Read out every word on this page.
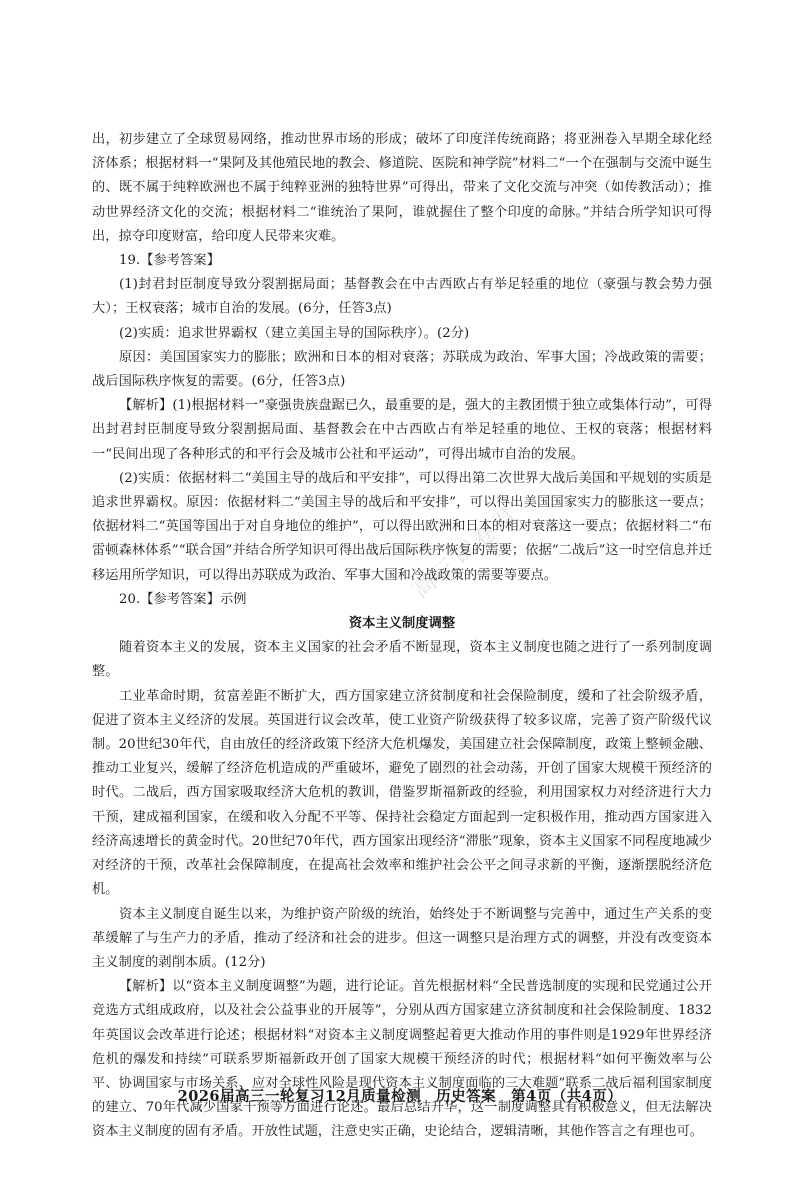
高三试卷君

出，初步建立了全球贸易网络，推动世界市场的形成；破坏了印度洋传统商路；将亚洲卷入早期全球化经济体系；根据材料一“果阿及其他殖民地的教会、修道院、医院和神学院”材料二“一个在强制与交流中诞生的、既不属于纯粹欧洲也不属于纯粹亚洲的独特世界”可得出，带来了文化交流与冲突（如传教活动）；推动世界经济文化的交流；根据材料二“谁统治了果阿，谁就握住了整个印度的命脉。”并结合所学知识可得出，掠夺印度财富，给印度人民带来灾难。

19.【参考答案】

(1)封君封臣制度导致分裂割据局面；基督教会在中古西欧占有举足轻重的地位（豪强与教会势力强大）；王权衰落；城市自治的发展。(6分，任答3点)

(2)实质：追求世界霸权（建立美国主导的国际秩序）。(2分)

原因：美国国家实力的膨胀；欧洲和日本的相对衰落；苏联成为政治、军事大国；冷战政策的需要；战后国际秩序恢复的需要。(6分，任答3点)

【解析】(1)根据材料一“豪强贵族盘踞已久，最重要的是，强大的主教团惯于独立或集体行动”，可得出封君封臣制度导致分裂割据局面、基督教会在中古西欧占有举足轻重的地位、王权的衰落；根据材料一“民间出现了各种形式的和平行会及城市公社和平运动”，可得出城市自治的发展。

(2)实质：依据材料二“美国主导的战后和平安排”，可以得出第二次世界大战后美国和平规划的实质是追求世界霸权。原因：依据材料二“美国主导的战后和平安排”，可以得出美国国家实力的膨胀这一要点；依据材料二“英国等国出于对自身地位的维护”，可以得出欧洲和日本的相对衰落这一要点；依据材料二“布雷顿森林体系”“联合国”并结合所学知识可得出战后国际秩序恢复的需要；依据“二战后”这一时空信息并迁移运用所学知识，可以得出苏联成为政治、军事大国和冷战政策的需要等要点。

20.【参考答案】示例

资本主义制度调整

随着资本主义的发展，资本主义国家的社会矛盾不断显现，资本主义制度也随之进行了一系列制度调整。

工业革命时期，贫富差距不断扩大，西方国家建立济贫制度和社会保险制度，缓和了社会阶级矛盾，促进了资本主义经济的发展。英国进行议会改革，使工业资产阶级获得了较多议席，完善了资产阶级代议制。20世纪30年代，自由放任的经济政策下经济大危机爆发，美国建立社会保障制度，政策上整顿金融、推动工业复兴，缓解了经济危机造成的严重破坏，避免了剧烈的社会动荡，开创了国家大规模干预经济的时代。二战后，西方国家吸取经济大危机的教训，借鉴罗斯福新政的经验，利用国家权力对经济进行大力干预，建成福利国家，在缓和收入分配不平等、保持社会稳定方面起到一定积极作用，推动西方国家进入经济高速增长的黄金时代。20世纪70年代，西方国家出现经济“滞胀”现象，资本主义国家不同程度地减少对经济的干预，改革社会保障制度，在提高社会效率和维护社会公平之间寻求新的平衡，逐渐摆脱经济危机。

资本主义制度自诞生以来，为维护资产阶级的统治，始终处于不断调整与完善中，通过生产关系的变革缓解了与生产力的矛盾，推动了经济和社会的进步。但这一调整只是治理方式的调整，并没有改变资本主义制度的剥削本质。(12分)

【解析】以“资本主义制度调整”为题，进行论证。首先根据材料“全民普选制度的实现和民党通过公开竞选方式组成政府，以及社会公益事业的开展等”，分别从西方国家建立济贫制度和社会保险制度、1832年英国议会改革进行论述；根据材料“对资本主义制度调整起着更大推动作用的事件则是1929年世界经济危机的爆发和持续”可联系罗斯福新政开创了国家大规模干预经济的时代；根据材料“如何平衡效率与公平、协调国家与市场关系、应对全球性风险是现代资本主义制度面临的三大难题”联系二战后福利国家制度的建立、70年代减少国家干预等方面进行论述。最后总结升华，这一制度调整具有积极意义，但无法解决资本主义制度的固有矛盾。开放性试题，注意史实正确，史论结合，逻辑清晰，其他作答言之有理也可。

2026届高三一轮复习12月质量检测　历史答案　第4页（共4页）
